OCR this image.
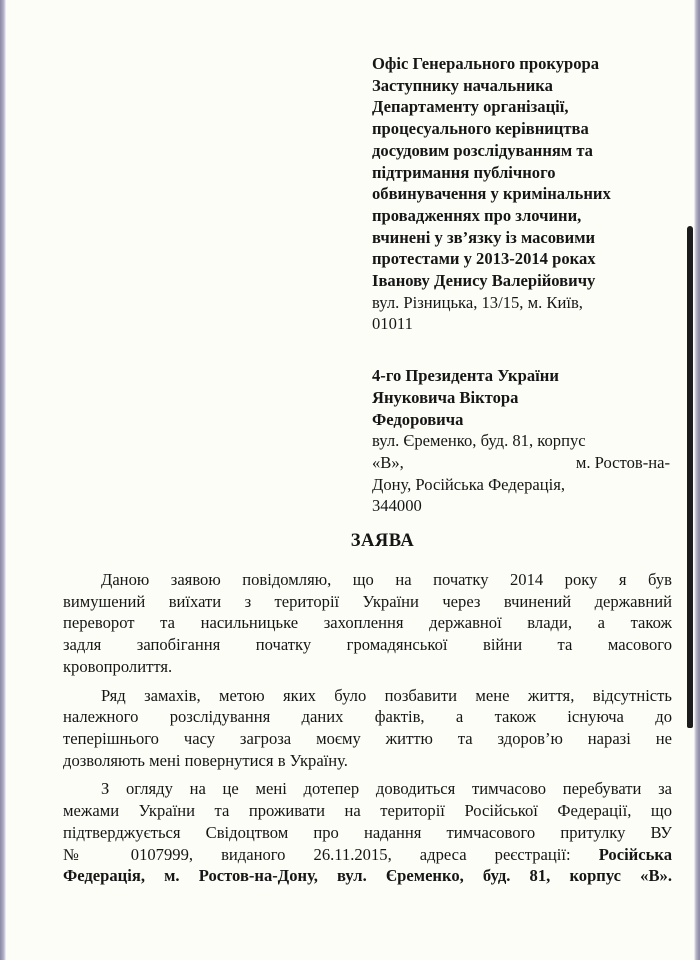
Офіс Генерального прокурора
Заступнику начальника
Департаменту організації,
процесуального керівництва
досудовим розслідуванням та
підтримання публічного
обвинувачення у кримінальних
провадженнях про злочини,
вчинені у зв’язку із масовими
протестами у 2013-2014 роках
Іванову Денису Валерійовичу
вул. Різницька, 13/15, м. Київ,
01011
4-го Президента України
Януковича Віктора
Федоровича
вул. Єременко, буд. 81, корпус
«В»,	м. Ростов-на-
Дону, Російська Федерація,
344000
ЗАЯВА
Даною заявою повідомляю, що на початку 2014 року я був
вимушений виїхати з території України через вчинений державний
переворот та насильницьке захоплення державної влади, а також
задля запобігання початку громадянської війни та масового
кровопролиття.
Ряд замахів, метою яких було позбавити мене життя, відсутність
належного розслідування даних фактів, а також існуюча до
теперішнього часу загроза моєму життю та здоров’ю наразі не
дозволяють мені повернутися в Україну.
З огляду на це мені дотепер доводиться тимчасово перебувати за
межами України та проживати на території Російської Федерації, що
підтверджується Свідоцтвом про надання тимчасового притулку ВУ
№ 0107999, виданого 26.11.2015, адреса реєстрації: Російська
Федерація, м. Ростов-на-Дону, вул. Єременко, буд. 81, корпус «В».
